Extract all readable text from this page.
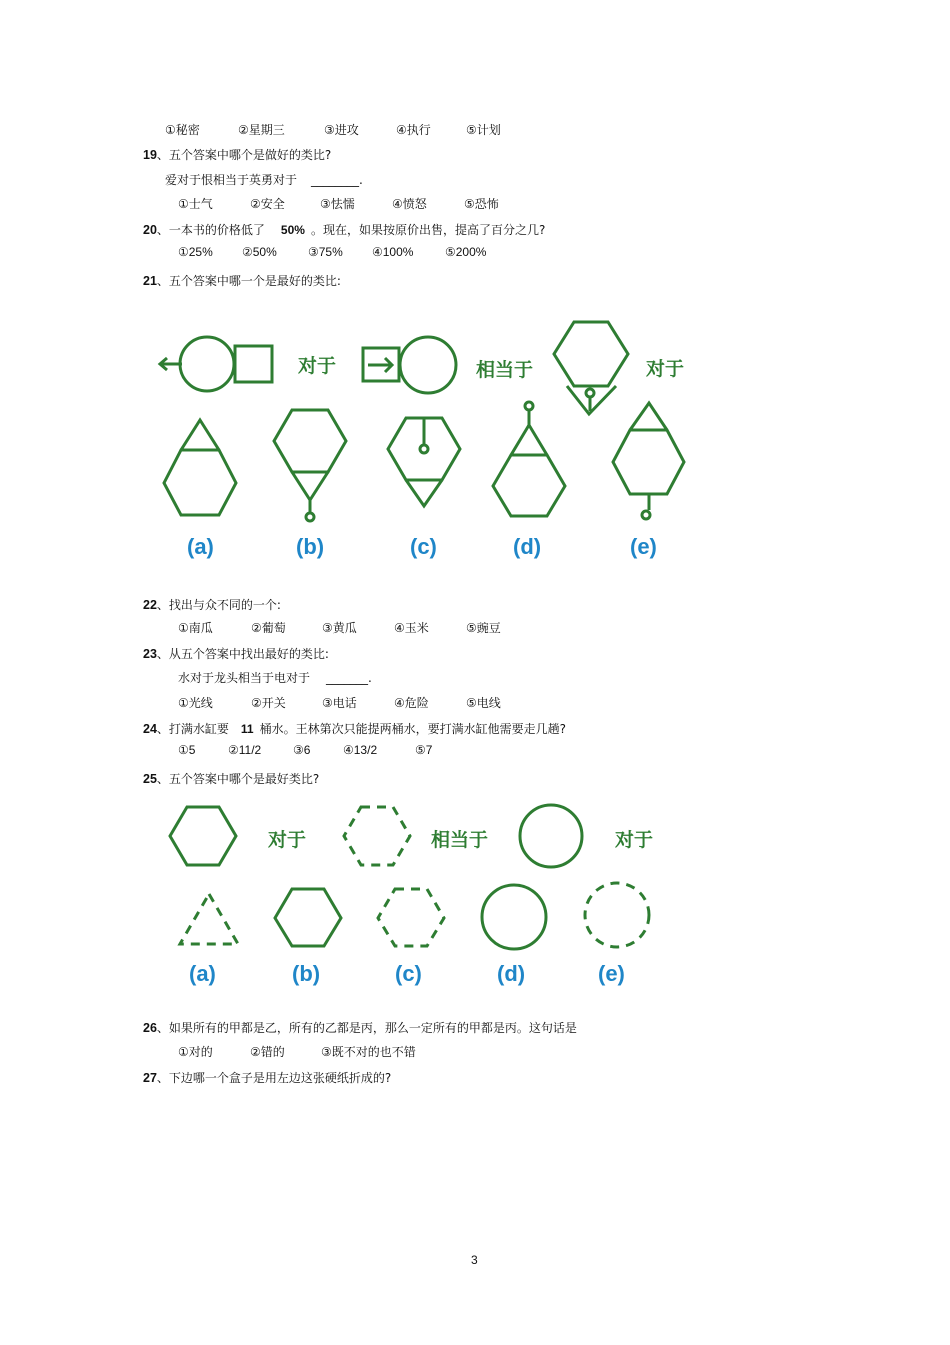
①秘密	②星期三	③进攻	④执行	⑤计划
19、五个答案中哪个是做好的类比?
爱对于恨相当于英勇对于 ________.
①士气	②安全	③怯懦	④愤怒	⑤恐怖
20、一本书的价格低了 50% 。现在，如果按原价出售，提高了百分之几?
①25% ②50%	③75% ④100%	⑤200%
21、五个答案中哪一个是最好的类比:
对于	相当于	对于
(a)	(b)	(c)	(d)	(e)
22、找出与众不同的一个:
①南瓜	②葡萄	③黄瓜	④玉米	⑤豌豆
23、从五个答案中找出最好的类比:
水对于龙头相当于电对于 _______.
①光线	②开关	③电话	④危险	⑤电线
24、打满水缸要 11 桶水。王林第次只能提两桶水，要打满水缸他需要走几趟?
①5	②11/2	③6	④13/2	⑤7
25、五个答案中哪个是最好类比?
对于	相当于	对于
(a)	(b)	(c)	(d)	(e)
26、如果所有的甲都是乙，所有的乙都是丙，那么一定所有的甲都是丙。这句话是
①对的	②错的	③既不对的也不错
27、下边哪一个盒子是用左边这张硬纸折成的?
3
